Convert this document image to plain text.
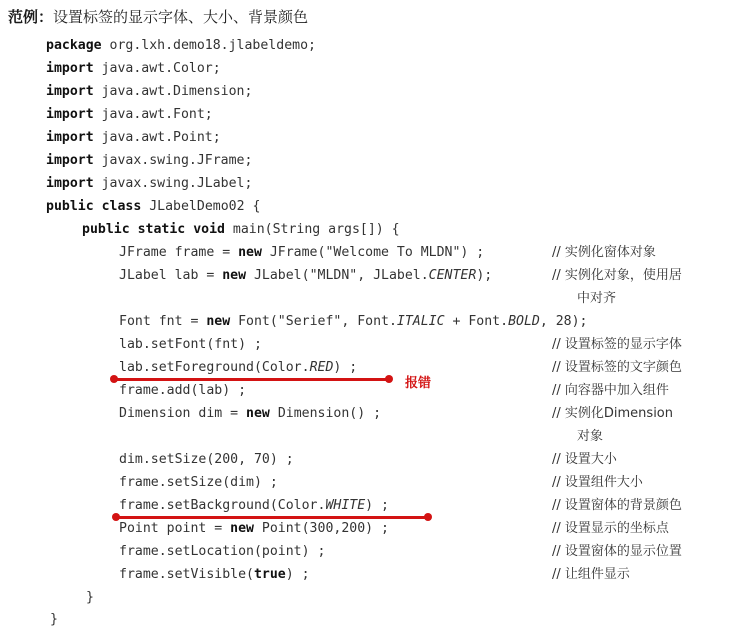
范例：设置标签的显示字体、大小、背景颜色
package org.lxh.demo18.jlabeldemo;
import java.awt.Color;
import java.awt.Dimension;
import java.awt.Font;
import java.awt.Point;
import javax.swing.JFrame;
import javax.swing.JLabel;
public class JLabelDemo02 {
public static void main(String args[]) {
JFrame frame = new JFrame("Welcome To MLDN") ;
JLabel lab = new JLabel("MLDN", JLabel.CENTER);
Font fnt = new Font("Serief", Font.ITALIC + Font.BOLD, 28);
lab.setFont(fnt) ;
lab.setForeground(Color.RED) ;
frame.add(lab) ;
Dimension dim = new Dimension() ;
dim.setSize(200, 70) ;
frame.setSize(dim) ;
frame.setBackground(Color.WHITE) ;
Point point = new Point(300,200) ;
frame.setLocation(point) ;
frame.setVisible(true) ;
}
}
// 实例化窗体对象
// 实例化对象，使用居
中对齐
// 设置标签的显示字体
// 设置标签的文字颜色
// 向容器中加入组件
// 实例化Dimension
对象
// 设置大小
// 设置组件大小
// 设置窗体的背景颜色
// 设置显示的坐标点
// 设置窗体的显示位置
// 让组件显示
报错
